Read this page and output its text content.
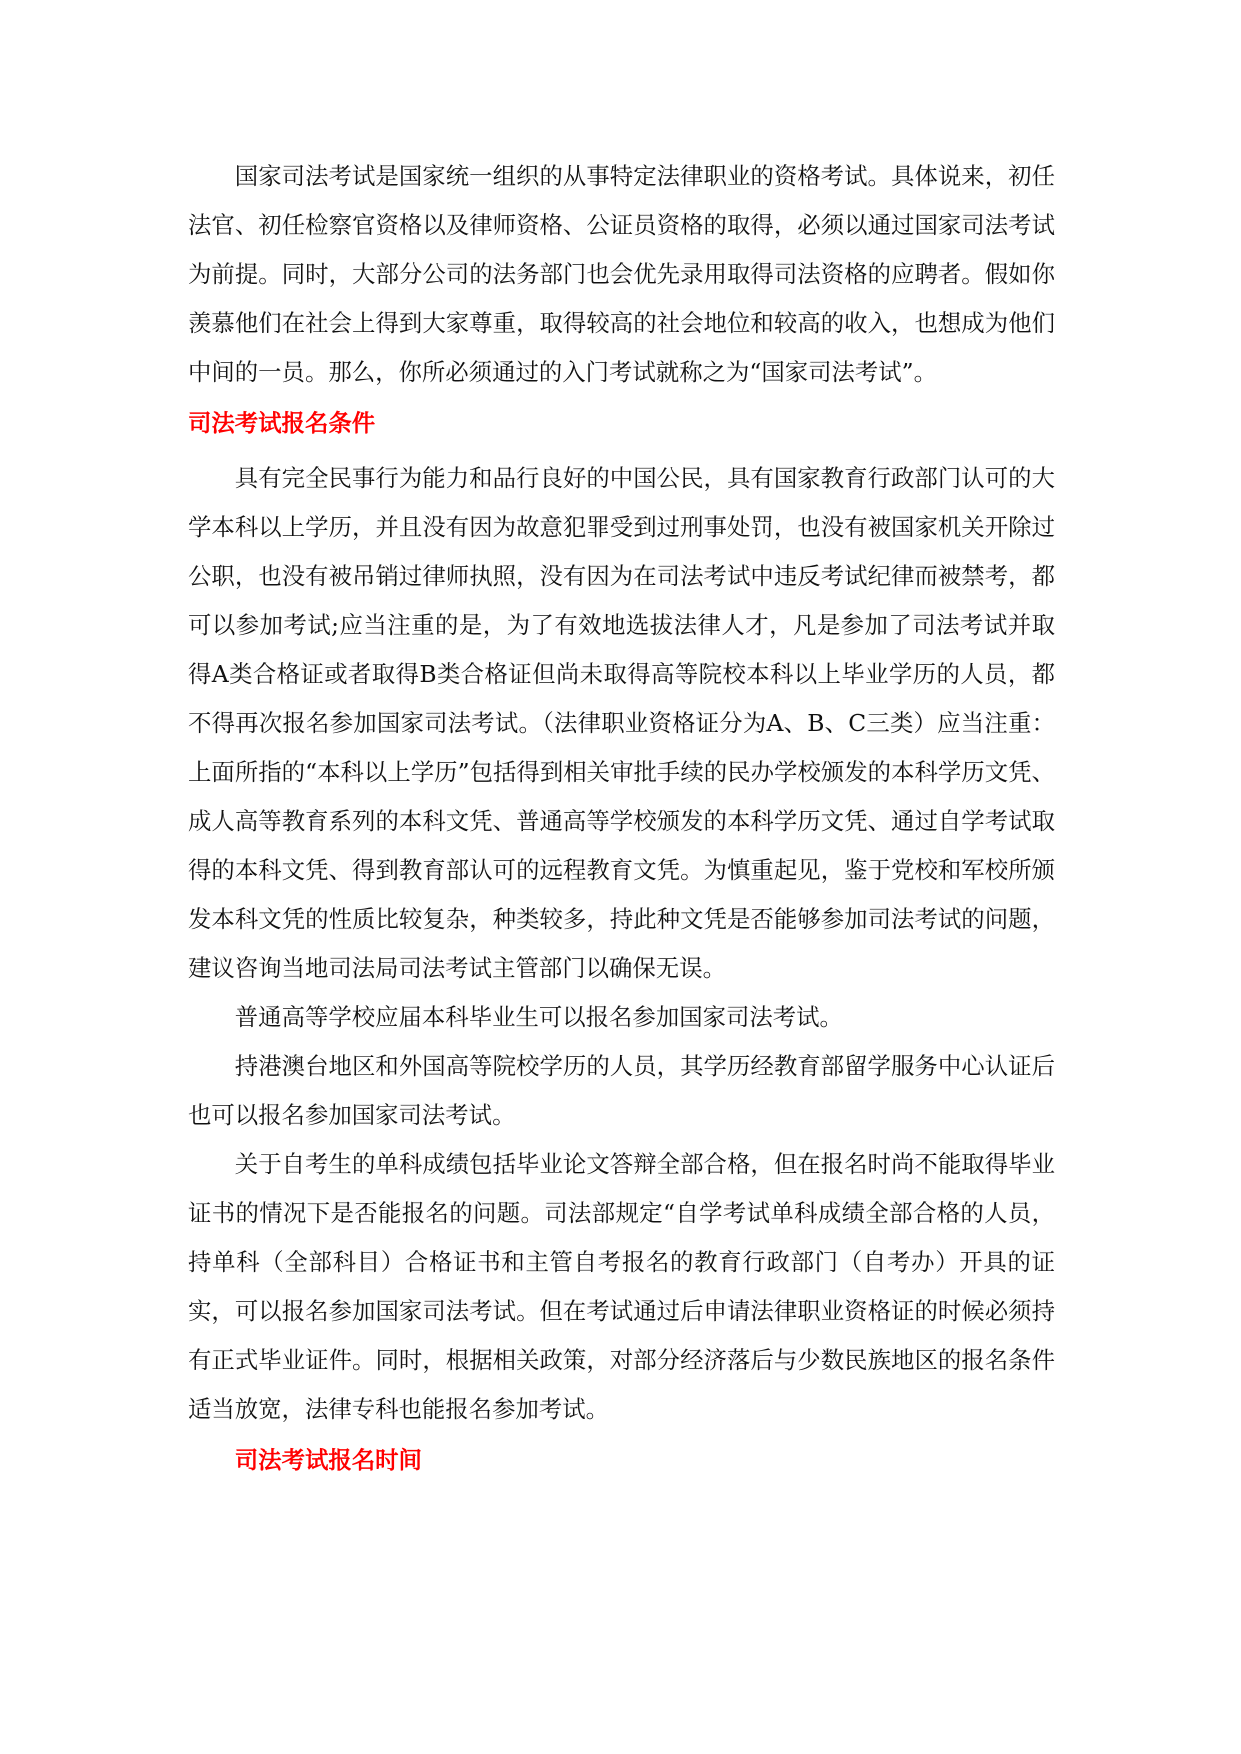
国家司法考试是国家统一组织的从事特定法律职业的资格考试。具体说来，初任法官、初任检察官资格以及律师资格、公证员资格的取得，必须以通过国家司法考试为前提。同时，大部分公司的法务部门也会优先录用取得司法资格的应聘者。假如你羡慕他们在社会上得到大家尊重，取得较高的社会地位和较高的收入，也想成为他们中间的一员。那么，你所必须通过的入门考试就称之为“国家司法考试”。

司法考试报名条件

具有完全民事行为能力和品行良好的中国公民，具有国家教育行政部门认可的大学本科以上学历，并且没有因为故意犯罪受到过刑事处罚，也没有被国家机关开除过公职，也没有被吊销过律师执照，没有因为在司法考试中违反考试纪律而被禁考，都可以参加考试;应当注重的是，为了有效地选拔法律人才，凡是参加了司法考试并取得A类合格证或者取得B类合格证但尚未取得高等院校本科以上毕业学历的人员，都不得再次报名参加国家司法考试。（法律职业资格证分为A、B、C三类）应当注重：上面所指的“本科以上学历”包括得到相关审批手续的民办学校颁发的本科学历文凭、成人高等教育系列的本科文凭、普通高等学校颁发的本科学历文凭、通过自学考试取得的本科文凭、得到教育部认可的远程教育文凭。为慎重起见，鉴于党校和军校所颁发本科文凭的性质比较复杂，种类较多，持此种文凭是否能够参加司法考试的问题，建议咨询当地司法局司法考试主管部门以确保无误。

普通高等学校应届本科毕业生可以报名参加国家司法考试。

持港澳台地区和外国高等院校学历的人员，其学历经教育部留学服务中心认证后也可以报名参加国家司法考试。

关于自考生的单科成绩包括毕业论文答辩全部合格，但在报名时尚不能取得毕业证书的情况下是否能报名的问题。司法部规定“自学考试单科成绩全部合格的人员，持单科（全部科目）合格证书和主管自考报名的教育行政部门（自考办）开具的证实，可以报名参加国家司法考试。但在考试通过后申请法律职业资格证的时候必须持有正式毕业证件。同时，根据相关政策，对部分经济落后与少数民族地区的报名条件适当放宽，法律专科也能报名参加考试。

司法考试报名时间
